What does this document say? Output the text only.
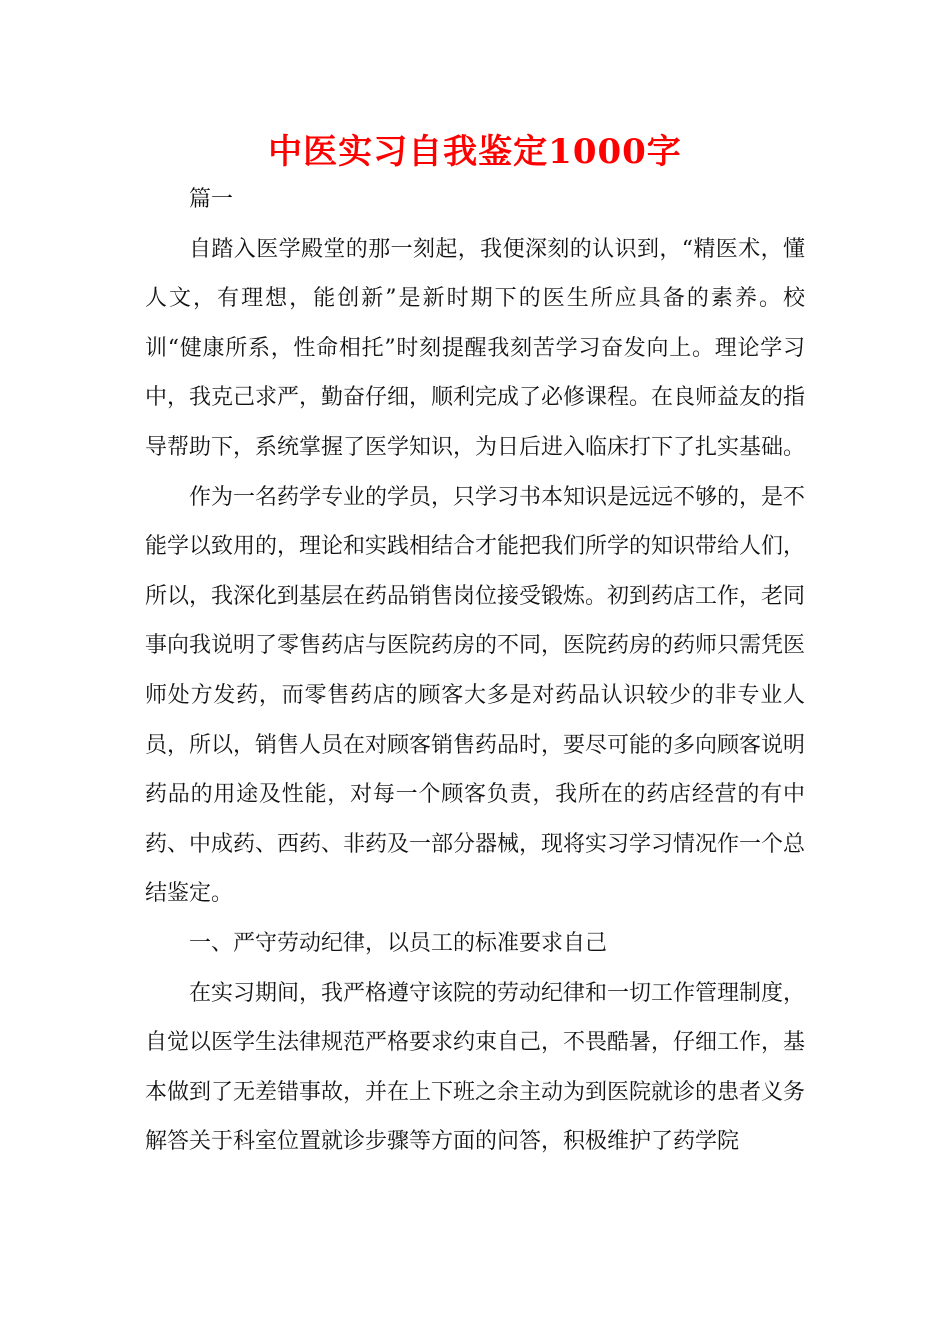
中医实习自我鉴定1000字

篇一

自踏入医学殿堂的那一刻起，我便深刻的认识到，“精医术，懂人文，有理想，能创新”是新时期下的医生所应具备的素养。校训“健康所系，性命相托”时刻提醒我刻苦学习奋发向上。理论学习中，我克己求严，勤奋仔细，顺利完成了必修课程。在良师益友的指导帮助下，系统掌握了医学知识，为日后进入临床打下了扎实基础。

作为一名药学专业的学员，只学习书本知识是远远不够的，是不能学以致用的，理论和实践相结合才能把我们所学的知识带给人们，所以，我深化到基层在药品销售岗位接受锻炼。初到药店工作，老同事向我说明了零售药店与医院药房的不同，医院药房的药师只需凭医师处方发药，而零售药店的顾客大多是对药品认识较少的非专业人员，所以，销售人员在对顾客销售药品时，要尽可能的多向顾客说明药品的用途及性能，对每一个顾客负责，我所在的药店经营的有中药、中成药、西药、非药及一部分器械，现将实习学习情况作一个总结鉴定。

一、严守劳动纪律，以员工的标准要求自己

在实习期间，我严格遵守该院的劳动纪律和一切工作管理制度，自觉以医学生法律规范严格要求约束自己，不畏酷暑，仔细工作，基本做到了无差错事故，并在上下班之余主动为到医院就诊的患者义务解答关于科室位置就诊步骤等方面的问答，积极维护了药学院
